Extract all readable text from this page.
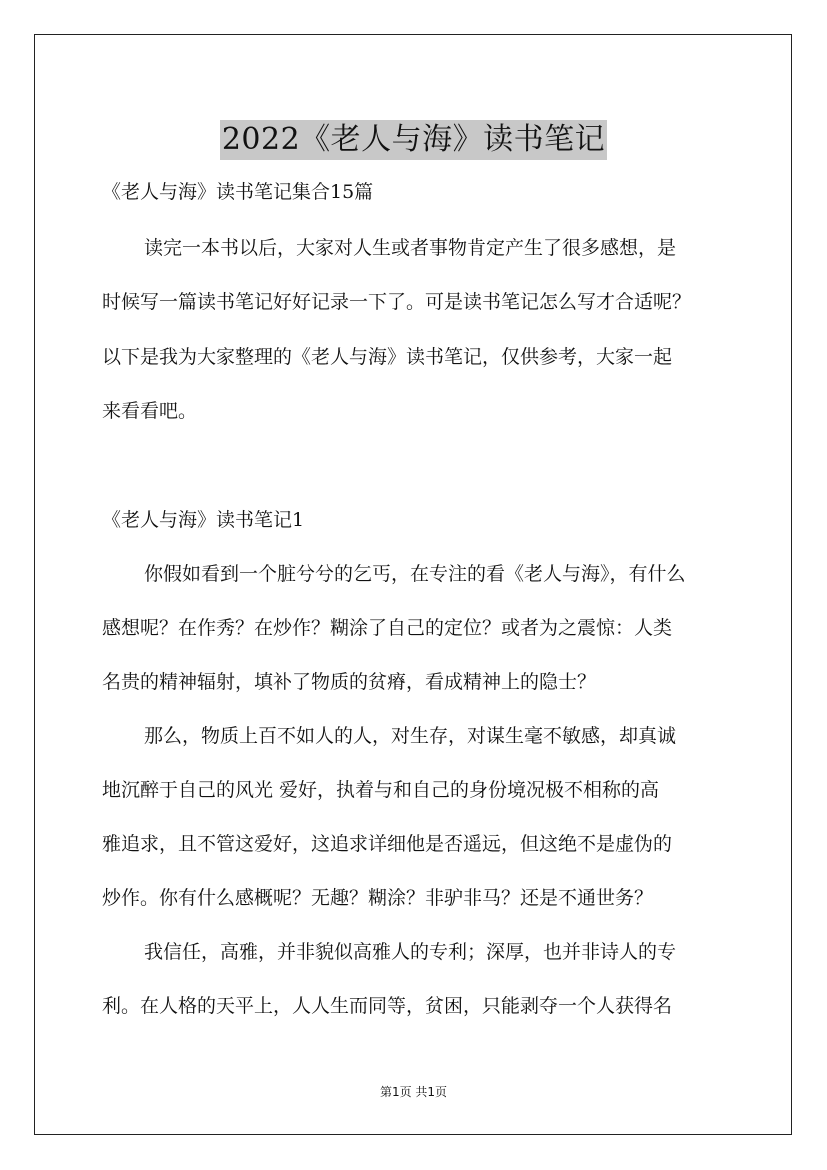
2022《老人与海》读书笔记
《老人与海》读书笔记集合15篇
读完一本书以后，大家对人生或者事物肯定产生了很多感想，是
时候写一篇读书笔记好好记录一下了。可是读书笔记怎么写才合适呢？
以下是我为大家整理的《老人与海》读书笔记，仅供参考，大家一起
来看看吧。
《老人与海》读书笔记1
你假如看到一个脏兮兮的乞丐，在专注的看《老人与海》，有什么
感想呢？在作秀？在炒作？糊涂了自己的定位？或者为之震惊：人类
名贵的精神辐射，填补了物质的贫瘠，看成精神上的隐士？
那么，物质上百不如人的人，对生存，对谋生毫不敏感，却真诚
地沉醉于自己的风光 爱好，执着与和自己的身份境况极不相称的高
雅追求，且不管这爱好，这追求详细他是否遥远，但这绝不是虚伪的
炒作。你有什么感概呢？无趣？糊涂？非驴非马？还是不通世务？
我信任，高雅，并非貌似高雅人的专利；深厚，也并非诗人的专
利。在人格的天平上，人人生而同等，贫困，只能剥夺一个人获得名
第1页 共1页
